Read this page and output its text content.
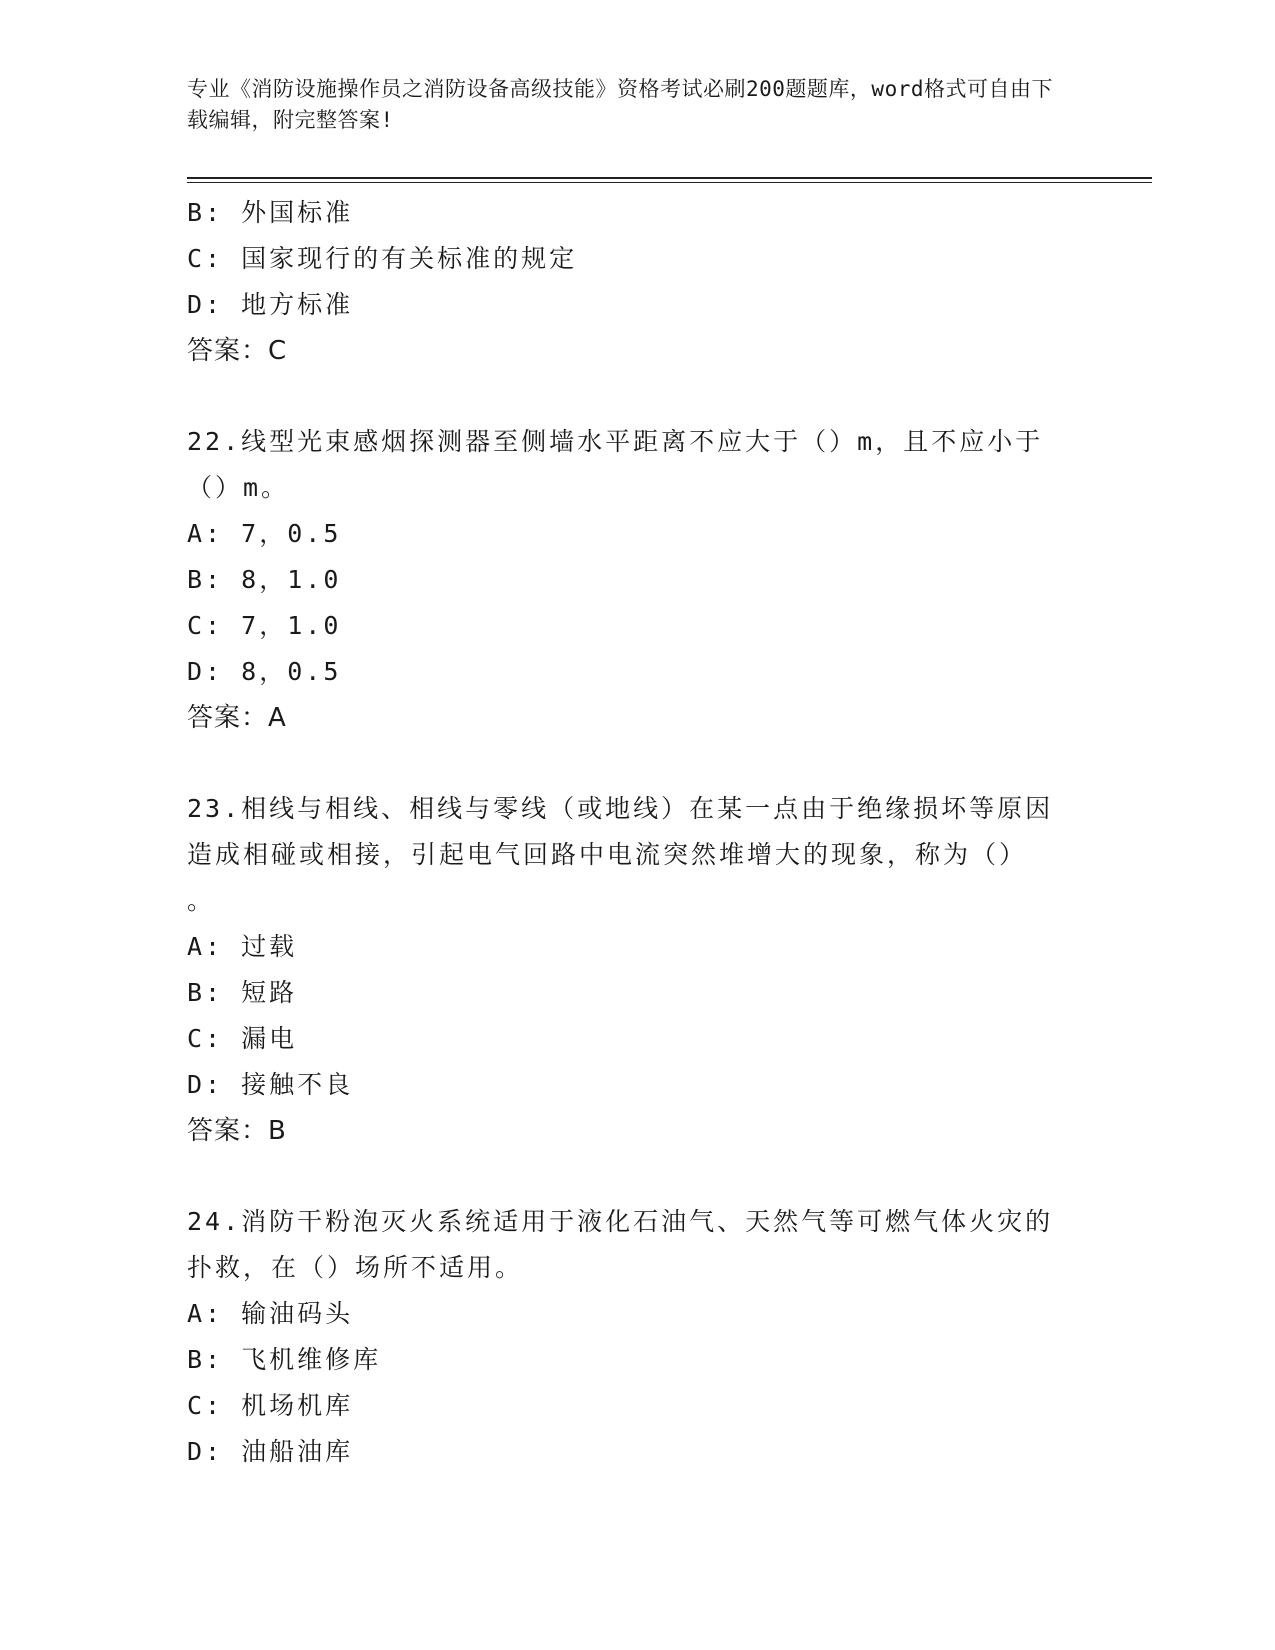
专业《消防设施操作员之消防设备高级技能》资格考试必刷200题题库，word格式可自由下载编辑，附完整答案!
B: 外国标准
C: 国家现行的有关标准的规定
D: 地方标准
答案：C
22.线型光束感烟探测器至侧墙水平距离不应大于（）m，且不应小于
（）m。
A: 7，0.5
B: 8，1.0
C: 7，1.0
D: 8，0.5
答案：A
23.相线与相线、相线与零线（或地线）在某一点由于绝缘损坏等原因
造成相碰或相接，引起电气回路中电流突然堆增大的现象，称为（）
。
A: 过载
B: 短路
C: 漏电
D: 接触不良
答案：B
24.消防干粉泡灭火系统适用于液化石油气、天然气等可燃气体火灾的
扑救，在（）场所不适用。
A: 输油码头
B: 飞机维修库
C: 机场机库
D: 油船油库
